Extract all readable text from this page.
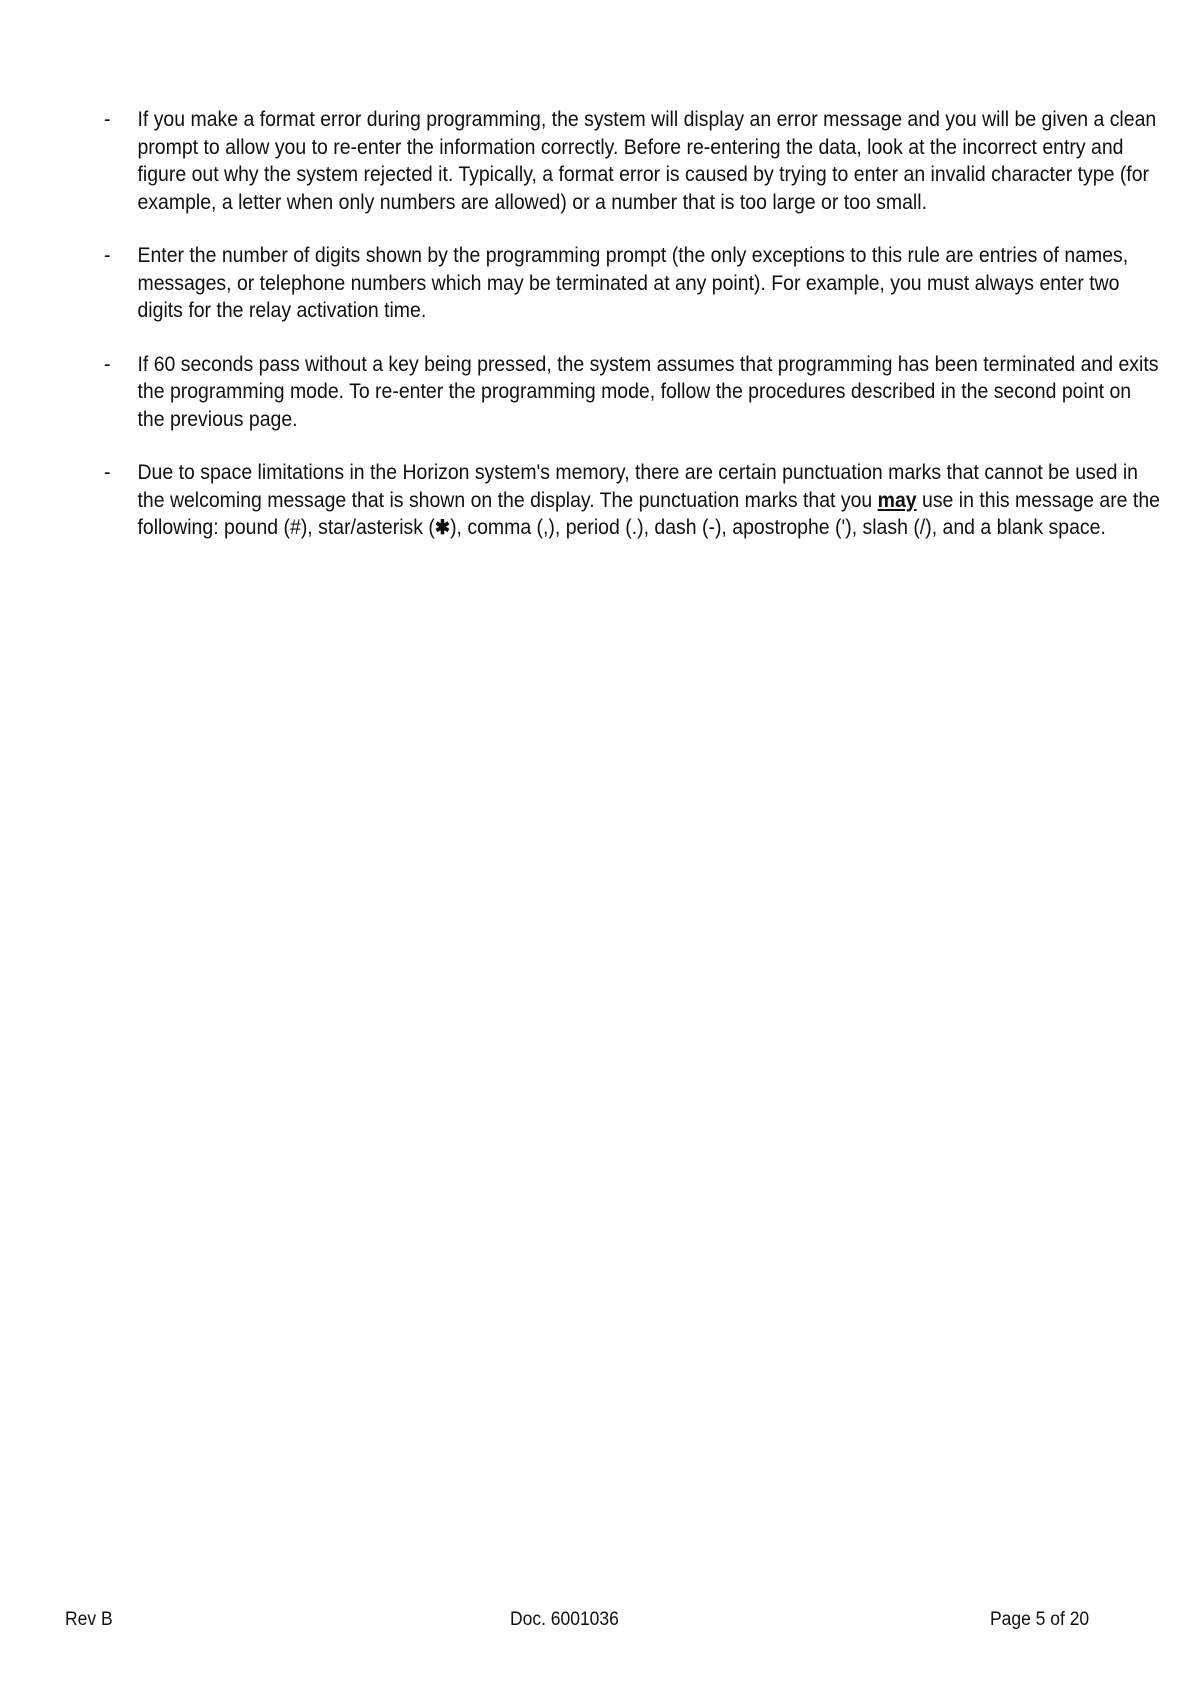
- If you make a format error during programming, the system will display an error message and you will be given a clean prompt to allow you to re-enter the information correctly. Before re-entering the data, look at the incorrect entry and figure out why the system rejected it. Typically, a format error is caused by trying to enter an invalid character type (for example, a letter when only numbers are allowed) or a number that is too large or too small.
- Enter the number of digits shown by the programming prompt (the only exceptions to this rule are entries of names, messages, or telephone numbers which may be terminated at any point). For example, you must always enter two digits for the relay activation time.
- If 60 seconds pass without a key being pressed, the system assumes that programming has been terminated and exits the programming mode. To re-enter the programming mode, follow the procedures described in the second point on the previous page.
- Due to space limitations in the Horizon system's memory, there are certain punctuation marks that cannot be used in the welcoming message that is shown on the display. The punctuation marks that you may use in this message are the following: pound (#), star/asterisk (✱), comma (,), period (.), dash (-), apostrophe ('), slash (/), and a blank space.
Rev B	Doc. 6001036	Page 5 of 20
